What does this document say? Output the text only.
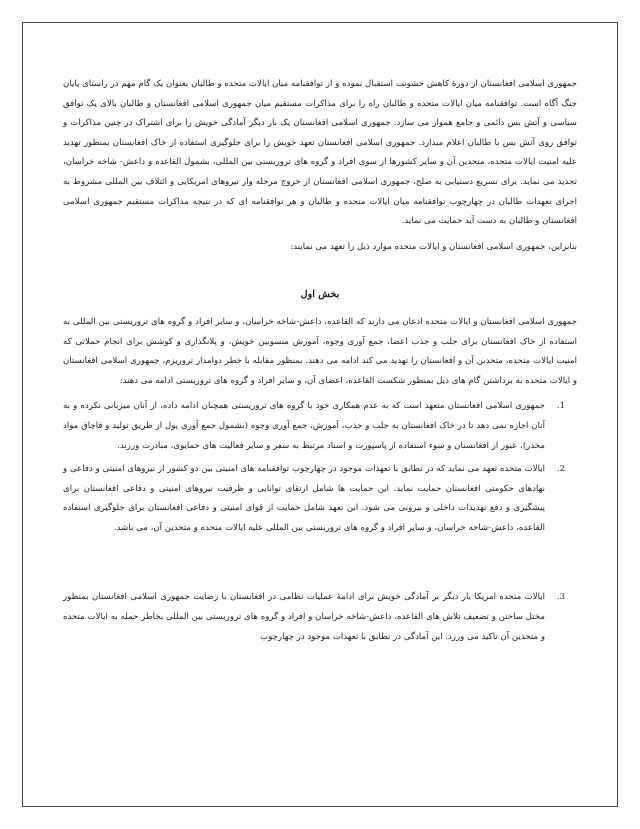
جمهوری اسلامی افغانستان از دورهٔ کاهش خشونت استقبال نموده و از توافقنامه میان ایالات متحده و طالبان بعنوان یک گام مهم در راستای پایان جنگ آگاه است. توافقنامه میان ایالات متحده و طالبان راه را برای مذاکرات مستقیم میان جمهوری اسلامی افغانستان و طالبان بالای یک توافق سیاسی و آتش بس دائمی و جامع هموار می سازد. جمهوری اسلامی افغانستان یک بار دیگر آمادگی خویش را برای اشتراک در چنین مذاکرات و توافق روی آتش بس با طالبان اعلام میدارد. جمهوری اسلامی افغانستان تعهد خویش را برای جلوگیری استفاده از خاک افغانستان بمنظور تهدید علیه امنیت ایالات متحده، متحدین آن و سایر کشورها از سوی افراد و گروه های تروریستی بین المللی، بشمول القاعده و داعش- شاخه خراسان، تجدید می نماید. برای تسریع دستیابی به صلح، جمهوری اسلامی افغانستان از خروج مرحله وار نیروهای امریکایی و ائتلاف بین المللی مشروط به اجرای تعهدات طالبان در چهارچوب توافقنامه میان ایالات متحده و طالبان و هر توافقنامه ای که در نتیجه مذاکرات مستقیم جمهوری اسلامی افغانستان و طالبان به دست آید حمایت می نماید.

بنابراین، جمهوری اسلامی افغانستان و ایالات متحده موارد ذیل را تعهد می نمایند:

بخش اول

جمهوری اسلامی افغانستان و ایالات متحده اذعان می دارند که القاعده، داعش-شاخه خراسان، و سایر افراد و گروه های تروریستی بین المللی به استفاده از خاک افغانستان برای جلب و جذب اعضا، جمع آوری وجوه، آموزش منسوبین خویش، و پلانگذاری و کوشش برای انجام حملاتی که امنیت ایالات متحده، متحدین آن و افغانستان را تهدید می کند ادامه می دهند. بمنظور مقابله با خطر دوامدار تروریزم، جمهوری اسلامی افغانستان و ایالات متحده به برداشتن گام های ذیل بمنظور شکست القاعده، اعضای آن، و سایر افراد و گروه های تروریستی ادامه می دهند:

1.

جمهوری اسلامی افغانستان متعهد است که به عدم همکاری خود با گروه های تروریستی همچنان ادامه داده، از آنان میزبانی نکرده و به آنان اجازه نمی دهد تا در خاک افغانستان به جلب و جذب، آموزش، جمع آوری وجوه (بشمول جمع آوری پول از طریق تولید و قاچاق مواد مخدر)، عبور از افغانستان و سوء استفاده از پاسپورت و اسناد مرتبط به سفر و سایر فعالیت های حمایوی، مبادرت ورزند.

2.

ایالات متحده تعهد می نماید که در تطابق با تعهدات موجود در چهارچوب توافقنامه های امنیتی بین دو کشور از نیروهای امنیتی و دفاعی و نهادهای حکومتی افغانستان حمایت نماید. این حمایت ها شامل ارتقای توانایی و ظرفیت نیروهای امنیتی و دفاعی افغانستان برای پیشگیری و دفع تهدیدات داخلی و بیرونی می شود. این تعهد شامل حمایت از قوای امنیتی و دفاعی افغانستان برای جلوگیری استفاده القاعده، داعش-شاخه خراسان، و سایر افراد و گروه های تروریستی بین المللی علیه ایالات متحده و متحدین آن، می باشد.

3.

ایالات متحده امریکا بار دیگر بر آمادگی خویش برای ادامهٔ عملیات نظامی در افغانستان با رضایت جمهوری اسلامی افغانستان بمنظور مختل ساختن و تضعیف تلاش های القاعده، داعش-شاخه خراسان و افراد و گروه های تروریستی بین المللی بخاطر حمله به ایالات متحده و متحدین آن تاکید می ورزد. این آمادگی در تطابق با تعهدات موجود در چهارچوب
